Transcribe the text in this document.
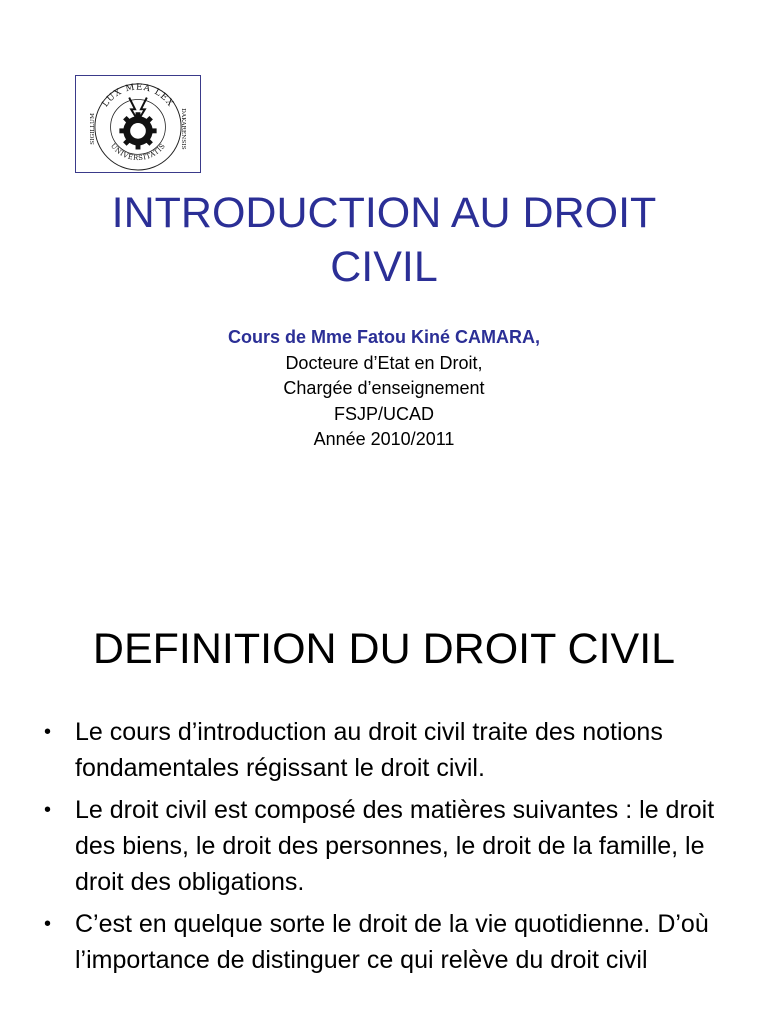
LUX MEA LEX
UNIVERSITATIS
SIGILLUM	DAKARENSIS
INTRODUCTION AU DROIT
CIVIL
Cours de Mme Fatou Kiné CAMARA,
Docteure d’Etat en Droit,
Chargée d’enseignement
FSJP/UCAD
Année 2010/2011
DEFINITION DU DROIT CIVIL
• Le cours d’introduction au droit civil traite des notions fondamentales régissant le droit civil.
• Le droit civil est composé des matières suivantes : le droit des biens, le droit des personnes, le droit de la famille, le droit des obligations.
• C’est en quelque sorte le droit de la vie quotidienne. D’où l’importance de distinguer ce qui relève du droit civil
